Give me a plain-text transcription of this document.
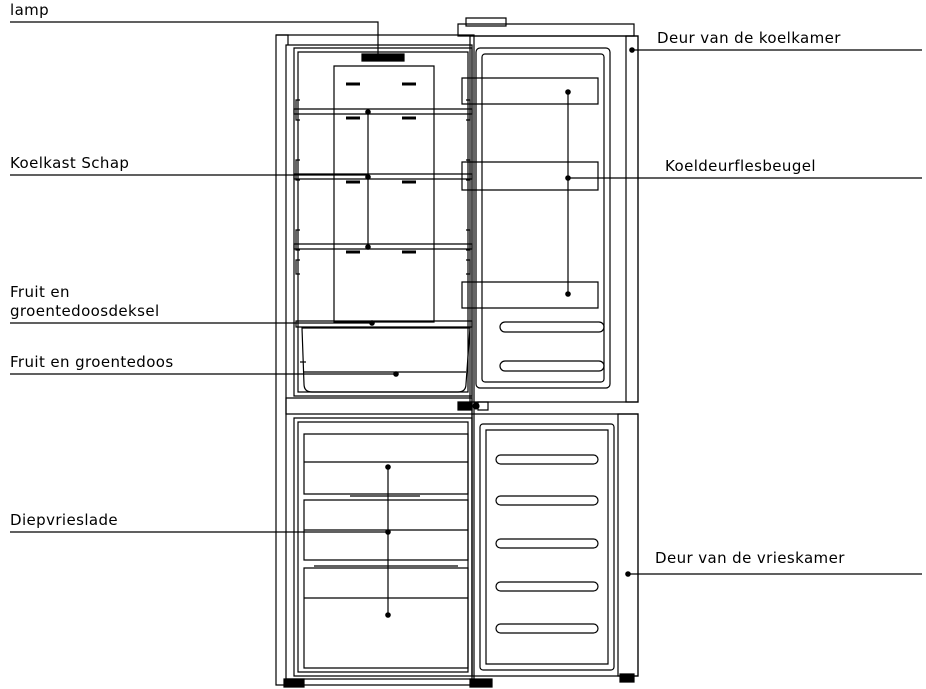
lamp
Koelkast Schap
Fruit en
groentedoosdeksel
Fruit en groentedoos
Diepvrieslade
Deur van de koelkamer
Koeldeurflesbeugel
Deur van de vrieskamer
